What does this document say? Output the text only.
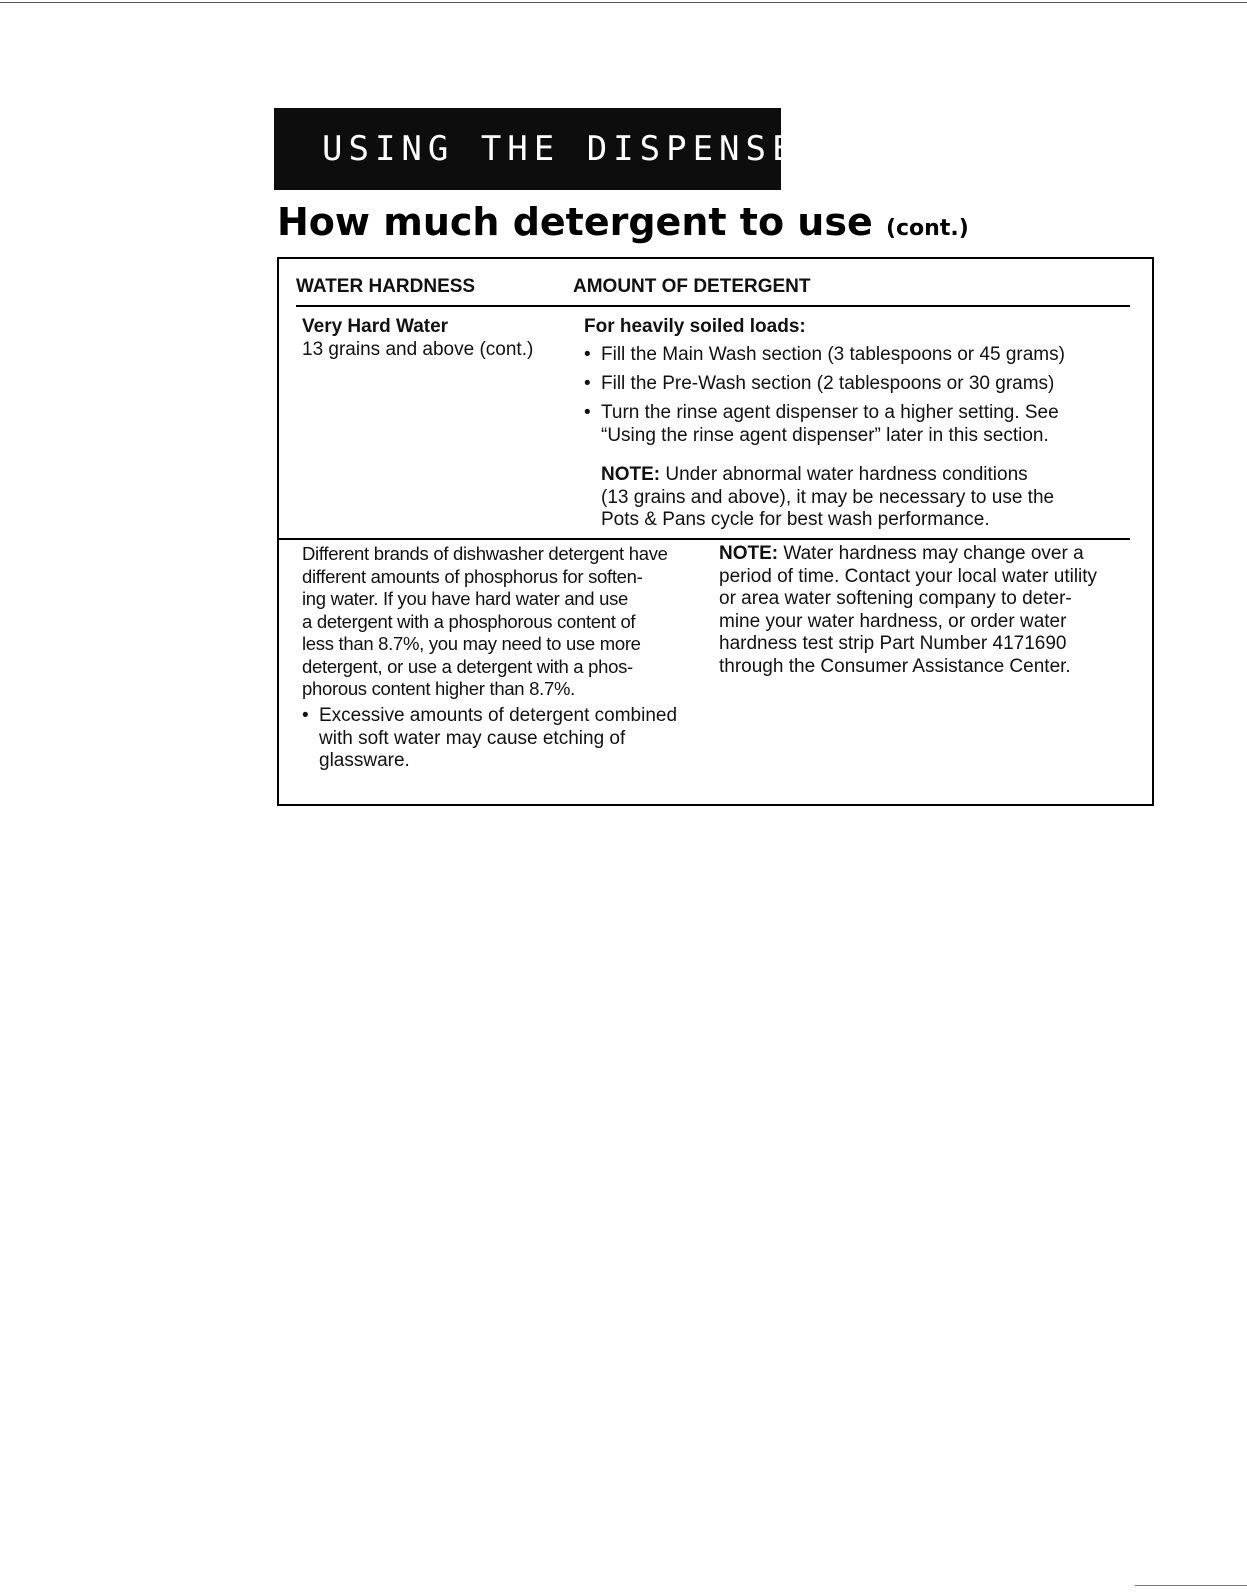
USING THE DISPENSERS
How much detergent to use (cont.)
WATER HARDNESS	AMOUNT OF DETERGENT
Very Hard Water
13 grains and above (cont.)
For heavily soiled loads:
• Fill the Main Wash section (3 tablespoons or 45 grams)
• Fill the Pre-Wash section (2 tablespoons or 30 grams)
• Turn the rinse agent dispenser to a higher setting. See
“Using the rinse agent dispenser” later in this section.
NOTE: Under abnormal water hardness conditions
(13 grains and above), it may be necessary to use the
Pots & Pans cycle for best wash performance.
Different brands of dishwasher detergent have
different amounts of phosphorus for soften-
ing water. If you have hard water and use
a detergent with a phosphorous content of
less than 8.7%, you may need to use more
detergent, or use a detergent with a phos-
phorous content higher than 8.7%.
• Excessive amounts of detergent combined
with soft water may cause etching of
glassware.
NOTE: Water hardness may change over a
period of time. Contact your local water utility
or area water softening company to deter-
mine your water hardness, or order water
hardness test strip Part Number 4171690
through the Consumer Assistance Center.
